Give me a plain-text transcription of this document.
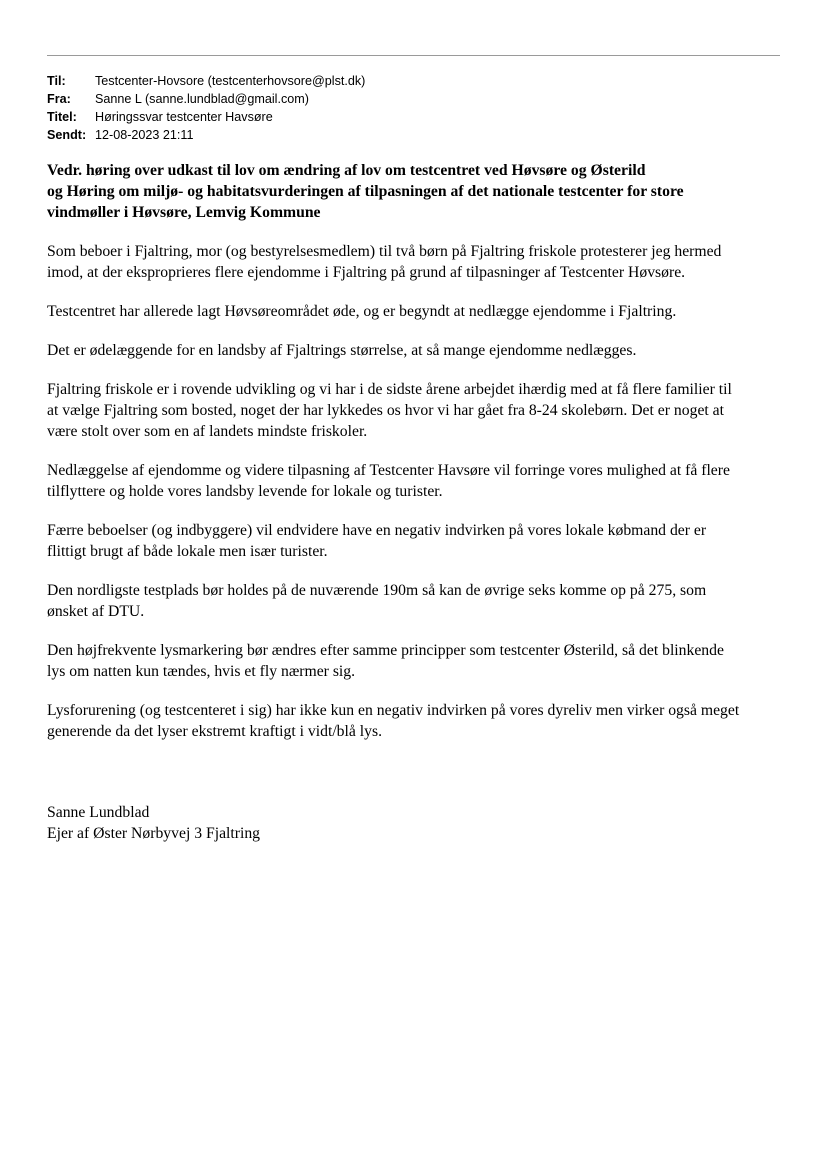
Til:	Testcenter-Hovsore (testcenterhovsore@plst.dk)
Fra:	Sanne L (sanne.lundblad@gmail.com)
Titel:	Høringssvar testcenter Havsøre
Sendt: 12-08-2023 21:11

Vedr. høring over udkast til lov om ændring af lov om testcentret ved Høvsøre og Østerild
og Høring om miljø- og habitatsvurderingen af tilpasningen af det nationale testcenter for store
vindmøller i Høvsøre, Lemvig Kommune

Som beboer i Fjaltring, mor (og bestyrelsesmedlem) til två børn på Fjaltring friskole protesterer jeg hermed
imod, at der eksproprieres flere ejendomme i Fjaltring på grund af tilpasninger af Testcenter Høvsøre.

Testcentret har allerede lagt Høvsøreområdet øde, og er begyndt at nedlægge ejendomme i Fjaltring.

Det er ødelæggende for en landsby af Fjaltrings størrelse, at så mange ejendomme nedlægges.

Fjaltring friskole er i rovende udvikling og vi har i de sidste årene arbejdet ihærdig med at få flere familier til
at vælge Fjaltring som bosted, noget der har lykkedes os hvor vi har gået fra 8-24 skolebørn. Det er noget at
være stolt over som en af landets mindste friskoler.

Nedlæggelse af ejendomme og videre tilpasning af Testcenter Havsøre vil forringe vores mulighed at få flere
tilflyttere og holde vores landsby levende for lokale og turister.

Færre beboelser (og indbyggere) vil endvidere have en negativ indvirken på vores lokale købmand der er
flittigt brugt af både lokale men især turister.

Den nordligste testplads bør holdes på de nuværende 190m så kan de øvrige seks komme op på 275, som
ønsket af DTU.

Den højfrekvente lysmarkering bør ændres efter samme principper som testcenter Østerild, så det blinkende
lys om natten kun tændes, hvis et fly nærmer sig.

Lysforurening (og testcenteret i sig) har ikke kun en negativ indvirken på vores dyreliv men virker også meget
generende da det lyser ekstremt kraftigt i vidt/blå lys.

Sanne Lundblad
Ejer af Øster Nørbyvej 3 Fjaltring
